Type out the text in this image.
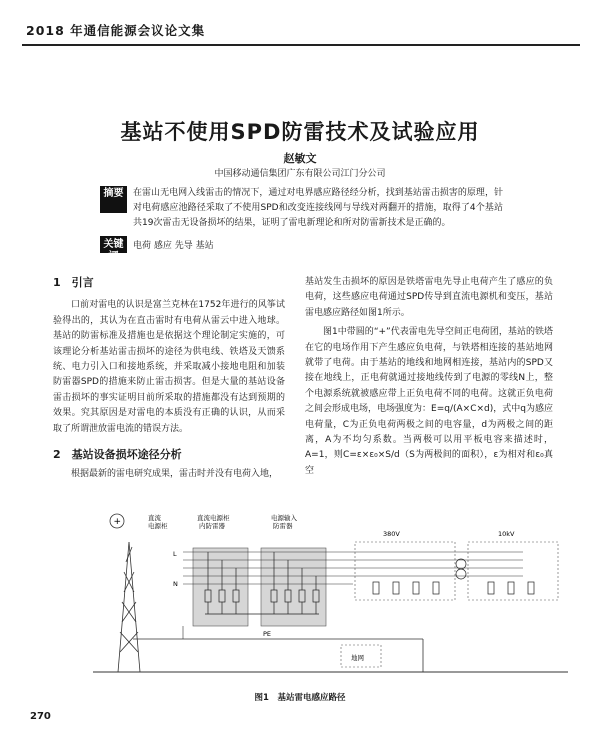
2018 年通信能源会议论文集
基站不使用SPD防雷技术及试验应用
赵敏文
中国移动通信集团广东有限公司江门分公司
摘要	在雷山无电网入线雷击的情况下，通过对电界感应路径经分析，找到基站雷击损害的原理，针对电荷感应池路径采取了不使用SPD和改变连接线网与导线对两翻开的措施，取得了4个基站共19次雷击无设备损坏的结果，证明了雷电新理论和所对防雷新技术是正确的。
关键词
电荷 感应 先导 基站
1　引言

口前对雷电的认识是富兰克林在1752年进行的风筝试验得出的，其认为在直击雷时有电荷从雷云中进入地球。基站的防雷标准及措施也是依据这个理论制定实施的，可该理论分析基站雷击损坏的途径为供电线、铁塔及天馈系统、电力引入口和接地系统，并采取减小接地电阻和加装防雷器SPD的措施来防止雷击损害。但是大量的基站设备雷击损坏的事实证明目前所采取的措施都没有达到预期的效果。究其原因是对雷电的本质没有正确的认识，从而采取了所谓泄放雷电流的错误方法。

2　基站设备损坏途径分析

根据最新的雷电研究成果，雷击时并没有电荷入地，

基站发生击损坏的原因是铁塔雷电先导止电荷产生了感应的负电荷，这些感应电荷通过SPD传导到直流电源机和变压，基站雷电感应路径如图1所示。

图1中带圆的“+”代表雷电先导空间正电荷团，基站的铁塔在它的电场作用下产生感应负电荷，与铁塔相连接的基站地网就带了电荷。由于基站的地线和地网相连接，基站内的SPD又接在地线上，正电荷就通过接地线传到了电源的零线N上，整个电源系统就被感应带上正负电荷不同的电荷。这就正负电荷之间会形成电场，电场强度为：E=q/(A×C×d)，式中q为感应电荷量，C为正负电荷两极之间的电容量，d为两极之间的距离，A为不均匀系数。当两极可以用平板电容来描述时，A=1，则C=ε×ε₀×S/d（S为两极间的面积），ε为相对和ε₀真空

+	直流
电源柜
直流电源柜
内防雷器
电源输入
防雷器
L
N
380V	10kV
PE
地网
图1　基站雷电感应路径
270
